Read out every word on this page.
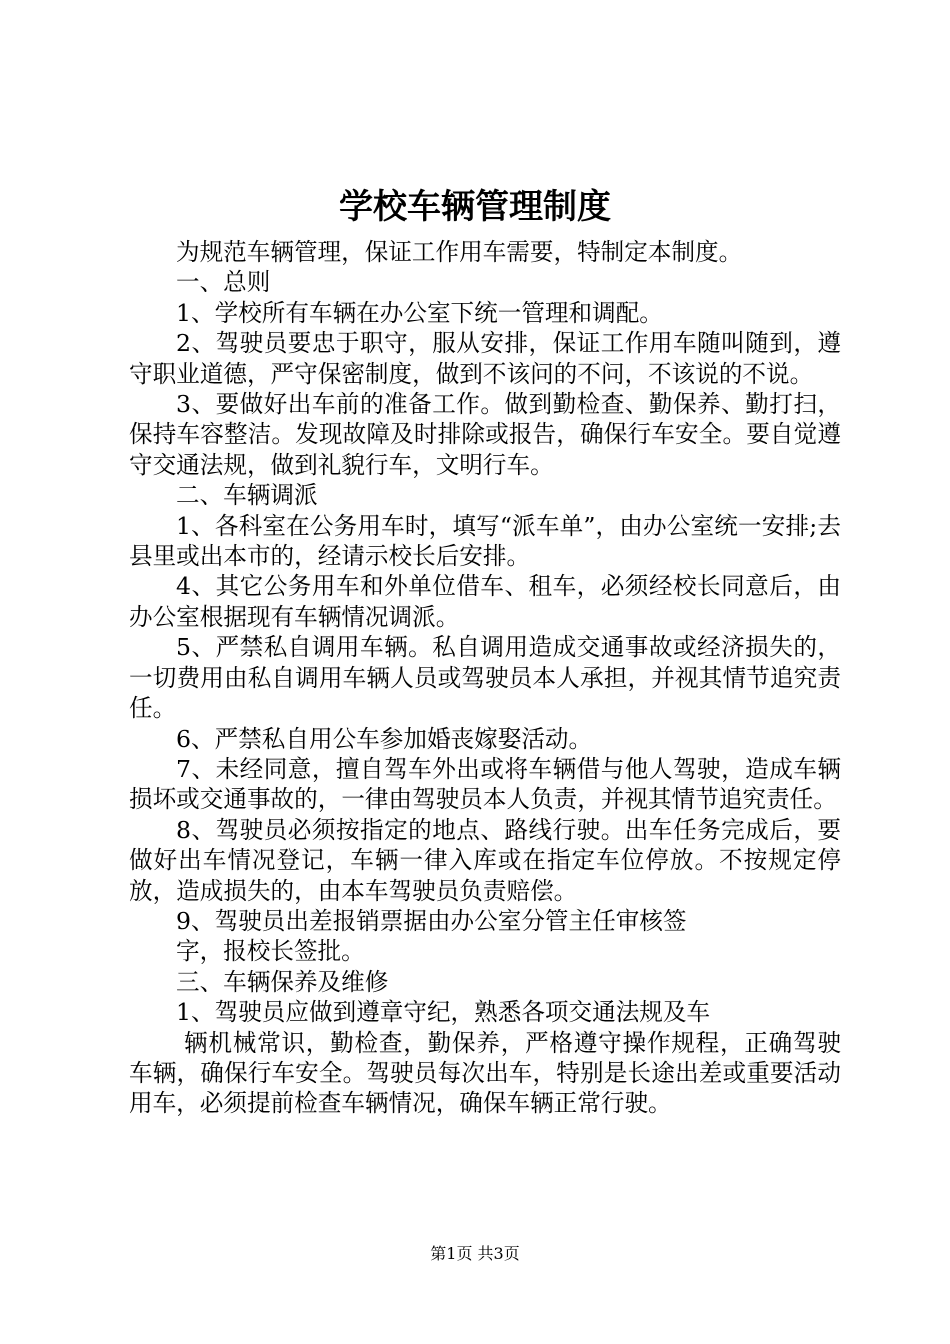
学校车辆管理制度

为规范车辆管理，保证工作用车需要，特制定本制度。

一、总则

1、学校所有车辆在办公室下统一管理和调配。

2、驾驶员要忠于职守，服从安排，保证工作用车随叫随到，遵守职业道德，严守保密制度，做到不该问的不问，不该说的不说。

3、要做好出车前的准备工作。做到勤检查、勤保养、勤打扫，保持车容整洁。发现故障及时排除或报告，确保行车安全。要自觉遵守交通法规，做到礼貌行车，文明行车。

二、车辆调派

1、各科室在公务用车时，填写“派车单”，由办公室统一安排;去县里或出本市的，经请示校长后安排。

4、其它公务用车和外单位借车、租车，必须经校长同意后，由办公室根据现有车辆情况调派。

5、严禁私自调用车辆。私自调用造成交通事故或经济损失的，一切费用由私自调用车辆人员或驾驶员本人承担，并视其情节追究责任。

6、严禁私自用公车参加婚丧嫁娶活动。

7、未经同意，擅自驾车外出或将车辆借与他人驾驶，造成车辆损坏或交通事故的，一律由驾驶员本人负责，并视其情节追究责任。

8、驾驶员必须按指定的地点、路线行驶。出车任务完成后，要做好出车情况登记，车辆一律入库或在指定车位停放。不按规定停放，造成损失的，由本车驾驶员负责赔偿。

9、驾驶员出差报销票据由办公室分管主任审核签

字，报校长签批。

三、车辆保养及维修

1、驾驶员应做到遵章守纪，熟悉各项交通法规及车

辆机械常识，勤检查，勤保养，严格遵守操作规程，正确驾驶车辆，确保行车安全。驾驶员每次出车，特别是长途出差或重要活动用车，必须提前检查车辆情况，确保车辆正常行驶。

第1页 共3页
